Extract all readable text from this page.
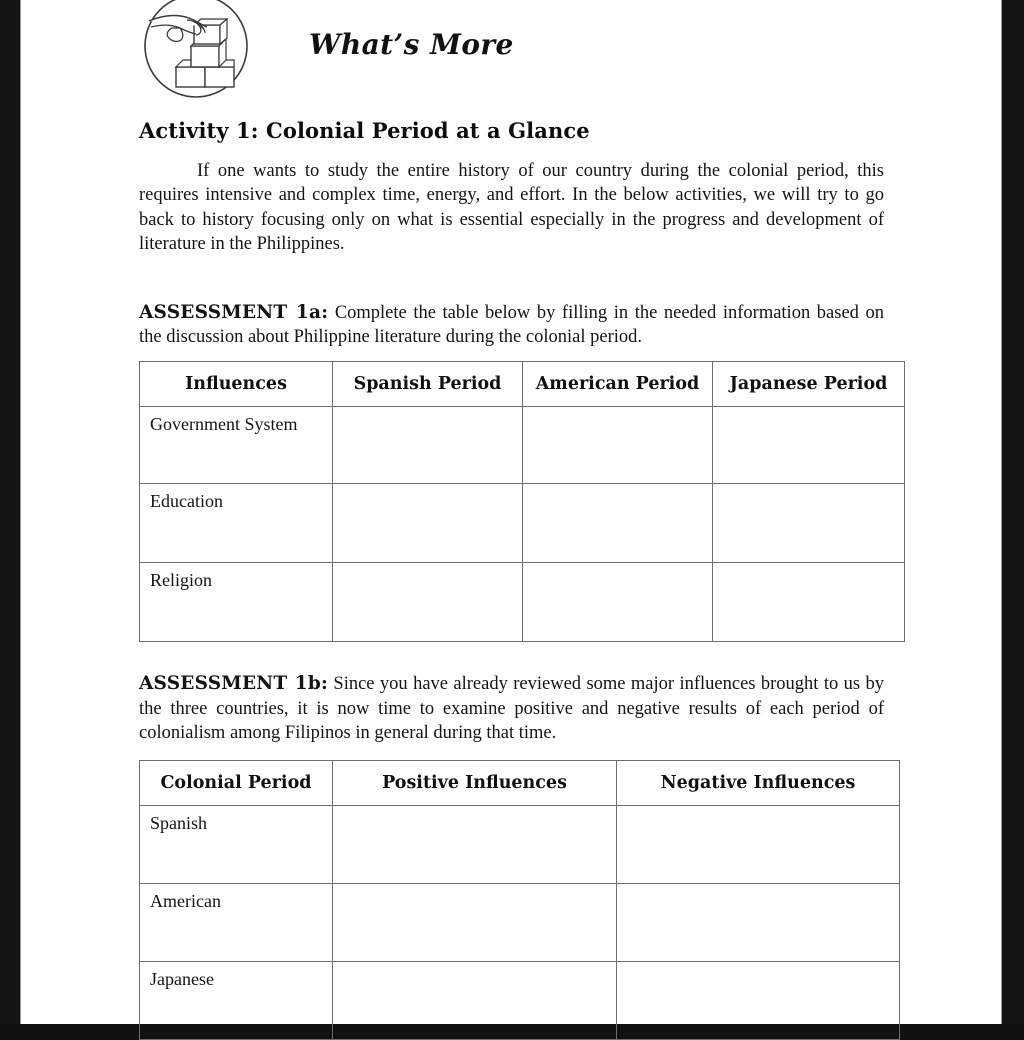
What’s More
Activity 1: Colonial Period at a Glance

If one wants to study the entire history of our country during the colonial period, this requires intensive and complex time, energy, and effort. In the below activities, we will try to go back to history focusing only on what is essential especially in the progress and development of literature in the Philippines.

ASSESSMENT 1a: Complete the table below by filling in the needed information based on the discussion about Philippine literature during the colonial period.

Influences	Spanish Period	American Period	Japanese Period
Government System			
Education			
Religion			

ASSESSMENT 1b: Since you have already reviewed some major influences brought to us by the three countries, it is now time to examine positive and negative results of each period of colonialism among Filipinos in general during that time.

Colonial Period	Positive Influences	Negative Influences
Spanish		
American		
Japanese		
